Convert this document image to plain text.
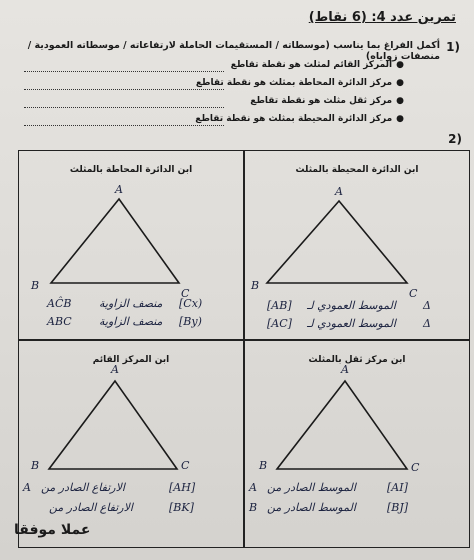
تمرين عدد 4: (6 نقاط)
1)
أكمل الفراغ بما يناسب (موسطاته / المستقيمات الحاملة لارتفاعاته / موسطاته العمودية / منصفات زواياه)
●المركز القائم لمثلث هو نقطة تقاطع
●مركز الدائرة المحاطة بمثلث هو نقطة تقاطع
●مركز ثقل مثلث هو نقطة تقاطع
●مركز الدائرة المحيطة بمثلث هو نقطة تقاطع
2)
ابن الدائرة المحاطة بالمثلث
A
B
C
AĈB	منصف الزاوية [Cx)
ABC منصف الزاوية [By)
ابن الدائرة المحيطة بالمثلث
A
B
C
[AB] الموسط العمودي لـ Δ
[AC] الموسط العمودي لـ Δ
ابن المركز القائم
A
B	C
A الارتفاع الصادر من	[AH]
الارتفاع الصادر من	[BK]
ابن مركز ثقل بالمثلث
A
B	C
A الموسط الصادر من	[AI]
B الموسط الصادر من	[BJ]
عملا موفقا
